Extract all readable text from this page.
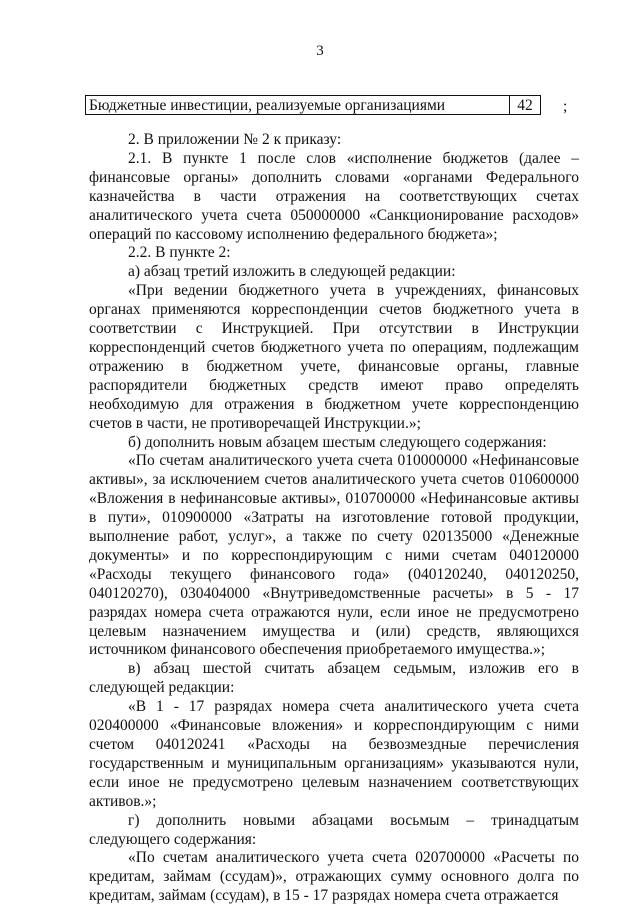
3
Бюджетные инвестиции, реализуемые организациями	42	;

2. В приложении № 2 к приказу:

2.1. В пункте 1 после слов «исполнение бюджетов (далее – финансовые органы» дополнить словами «органами Федерального казначейства в части отражения на соответствующих счетах аналитического учета счета 050000000 «Санкционирование расходов» операций по кассовому исполнению федерального бюджета»;

2.2. В пункте 2:

а) абзац третий изложить в следующей редакции:

«При ведении бюджетного учета в учреждениях, финансовых органах применяются корреспонденции счетов бюджетного учета в соответствии с Инструкцией. При отсутствии в Инструкции корреспонденций счетов бюджетного учета по операциям, подлежащим отражению в бюджетном учете, финансовые органы, главные распорядители бюджетных средств имеют право определять необходимую для отражения в бюджетном учете корреспонденцию счетов в части, не противоречащей Инструкции.»;

б) дополнить новым абзацем шестым следующего содержания:

«По счетам аналитического учета счета 010000000 «Нефинансовые активы», за исключением счетов аналитического учета счетов 010600000 «Вложения в нефинансовые активы», 010700000 «Нефинансовые активы в пути», 010900000 «Затраты на изготовление готовой продукции, выполнение работ, услуг», а также по счету 020135000 «Денежные документы» и по корреспондирующим с ними счетам 040120000 «Расходы текущего финансового года» (040120240, 040120250, 040120270), 030404000 «Внутриведомственные расчеты» в 5 - 17 разрядах номера счета отражаются нули, если иное не предусмотрено целевым назначением имущества и (или) средств, являющихся источником финансового обеспечения приобретаемого имущества.»;

в) абзац шестой считать абзацем седьмым, изложив его в следующей редакции:

«В 1 - 17 разрядах номера счета аналитического учета счета 020400000 «Финансовые вложения» и корреспондирующим с ними счетом 040120241 «Расходы на безвозмездные перечисления государственным и муниципальным организациям» указываются нули, если иное не предусмотрено целевым назначением соответствующих активов.»;

г) дополнить новыми абзацами восьмым – тринадцатым следующего содержания:

«По счетам аналитического учета счета 020700000 «Расчеты по кредитам, займам (ссудам)», отражающих сумму основного долга по кредитам, займам (ссудам), в 15 - 17 разрядах номера счета отражается
